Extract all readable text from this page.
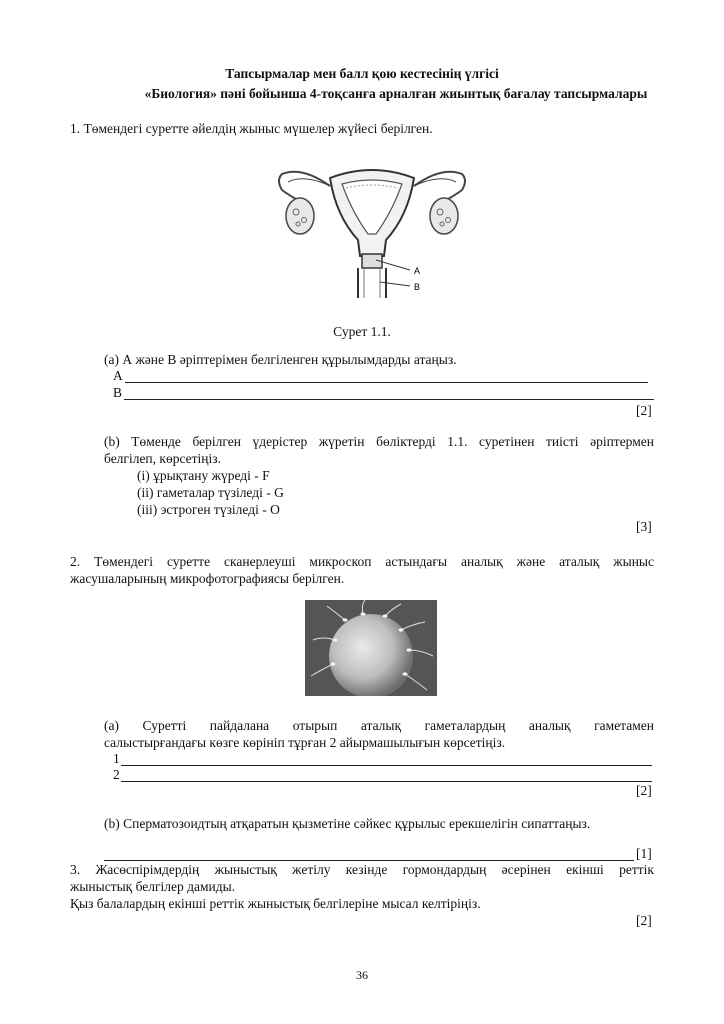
Тапсырмалар мен балл қою кестесінің үлгісі
«Биология» пәні бойынша 4-тоқсанға арналған жиынтық бағалау тапсырмалары
1. Төмендегі суретте әйелдің жыныс мүшелер жүйесі берілген.
A
B
Сурет 1.1.
(a) А және В әріптерімен белгіленген құрылымдарды атаңыз.
A
B
[2]
(b) Төменде берілген үдерістер жүретін бөліктерді 1.1. суретінен тиісті әріптермен
белгілеп, көрсетіңіз.
(і) ұрықтану жүреді - F
(іі) гаметалар түзіледі - G
(ііі) эстроген түзіледі - О
[3]
2. Төмендегі суретте сканерлеуші микроскоп астындағы аналық және аталық жыныс
жасушаларының микрофотографиясы берілген.
(a) Суретті пайдалана отырып аталық гаметалардың аналық гаметамен
салыстырғандағы көзге көрініп тұрған 2 айырмашылығын көрсетіңіз.
1
2
[2]
(b) Сперматозоидтың атқаратын қызметіне сәйкес құрылыс ерекшелігін сипаттаңыз.
[1]
3. Жасөспірімдердің жыныстық жетілу кезінде гормондардың әсерінен екінші реттік
жыныстық белгілер дамиды.
Қыз балалардың екінші реттік жыныстық белгілеріне мысал келтіріңіз.
[2]
36
